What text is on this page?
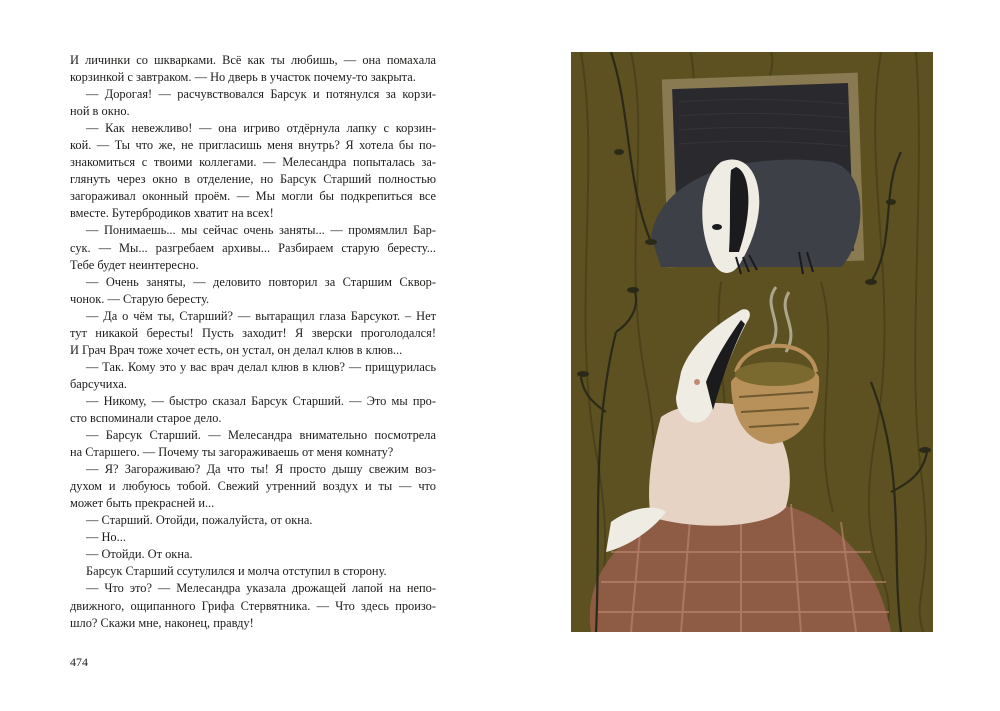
И личинки со шкварками. Всё как ты любишь, — она помахала
корзинкой с завтраком. — Но дверь в участок почему-то закрыта.
— Дорогая! — расчувствовался Барсук и потянулся за корзи-
ной в окно.
— Как невежливо! — она игриво отдёрнула лапку с корзин-
кой. — Ты что же, не пригласишь меня внутрь? Я хотела бы по-
знакомиться с твоими коллегами. — Мелесандра попыталась за-
глянуть через окно в отделение, но Барсук Старший полностью
загораживал оконный проём. — Мы могли бы подкрепиться все
вместе. Бутербродиков хватит на всех!
— Понимаешь... мы сейчас очень заняты... — промямлил Бар-
сук. — Мы... разгребаем архивы... Разбираем старую бересту...
Тебе будет неинтересно.
— Очень заняты, — деловито повторил за Старшим Сквор-
чонок. — Старую бересту.
— Да о чём ты, Старший? — вытаращил глаза Барсукот. – Нет
тут никакой бересты! Пусть заходит! Я зверски проголодался!
И Грач Врач тоже хочет есть, он устал, он делал клюв в клюв...
— Так. Кому это у вас врач делал клюв в клюв? — прищурилась
барсучиха.
— Никому, — быстро сказал Барсук Старший. — Это мы про-
сто вспоминали старое дело.
— Барсук Старший. — Мелесандра внимательно посмотрела
на Старшего. — Почему ты загораживаешь от меня комнату?
— Я? Загораживаю? Да что ты! Я просто дышу свежим воз-
духом и любуюсь тобой. Свежий утренний воздух и ты — что
может быть прекрасней и...
— Старший. Отойди, пожалуйста, от окна.
— Но...
— Отойди. От окна.
Барсук Старший ссутулился и молча отступил в сторону.
— Что это? — Мелесандра указала дрожащей лапой на непо-
движного, ощипанного Грифа Стервятника. — Что здесь произо-
шло? Скажи мне, наконец, правду!
474
